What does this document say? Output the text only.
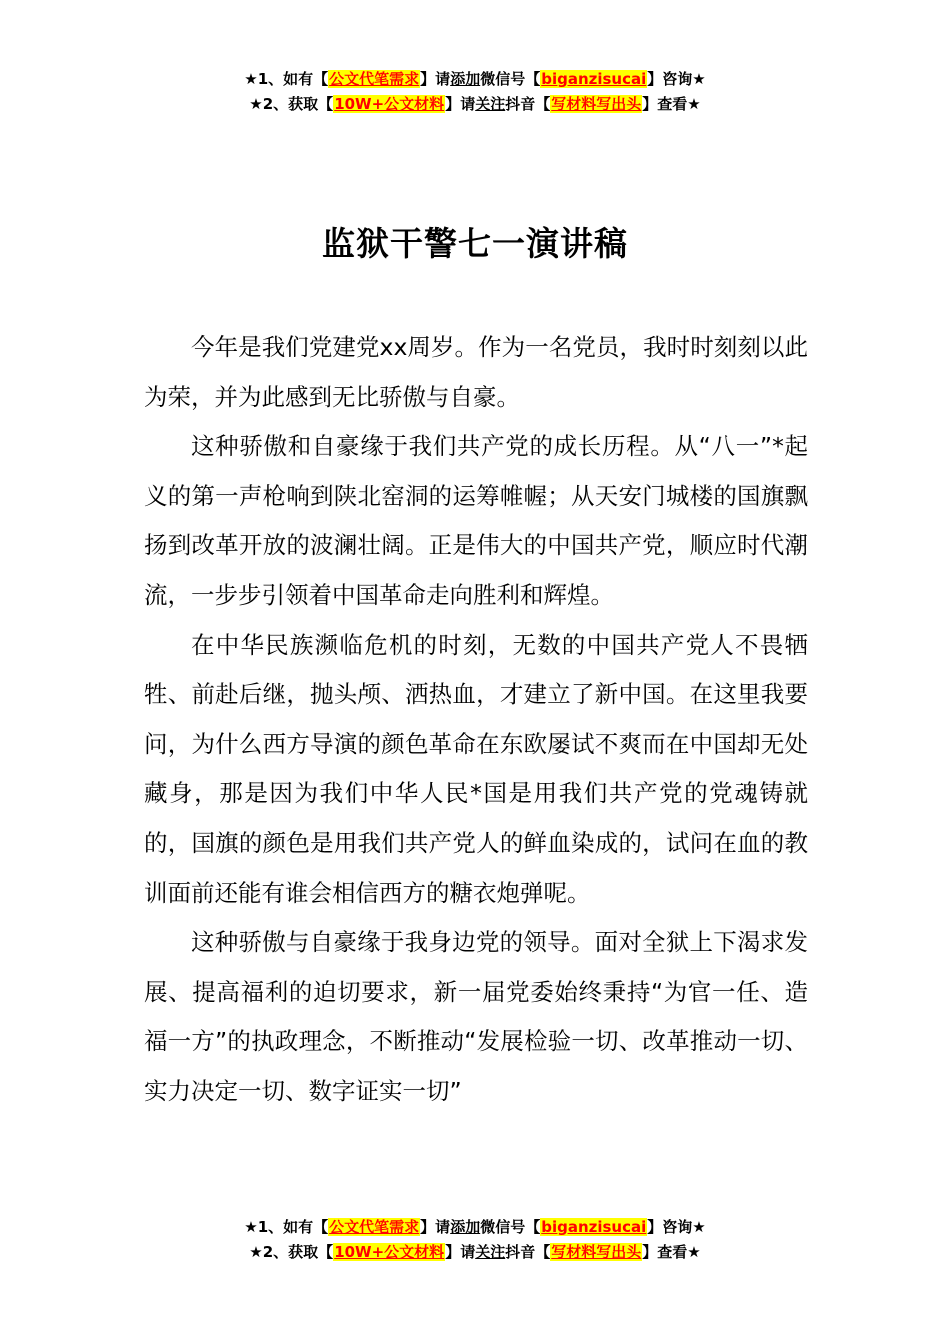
★1、如有【公文代笔需求】请添加微信号【biganzisucai】咨询★
★2、获取【10W+公文材料】请关注抖音【写材料写出头】查看★
监狱干警七一演讲稿

今年是我们党建党xx周岁。作为一名党员，我时时刻刻以此为荣，并为此感到无比骄傲与自豪。

这种骄傲和自豪缘于我们共产党的成长历程。从“八一”*起义的第一声枪响到陕北窑洞的运筹帷幄；从天安门城楼的国旗飘扬到改革开放的波澜壮阔。正是伟大的中国共产党，顺应时代潮流，一步步引领着中国革命走向胜利和辉煌。

在中华民族濒临危机的时刻，无数的中国共产党人不畏牺牲、前赴后继，抛头颅、洒热血，才建立了新中国。在这里我要问，为什么西方导演的颜色革命在东欧屡试不爽而在中国却无处藏身，那是因为我们中华人民*国是用我们共产党的党魂铸就的，国旗的颜色是用我们共产党人的鲜血染成的，试问在血的教训面前还能有谁会相信西方的糖衣炮弹呢。

这种骄傲与自豪缘于我身边党的领导。面对全狱上下渴求发展、提高福利的迫切要求，新一届党委始终秉持“为官一任、造福一方”的执政理念，不断推动“发展检验一切、改革推动一切、实力决定一切、数字证实一切”

★1、如有【公文代笔需求】请添加微信号【biganzisucai】咨询★
★2、获取【10W+公文材料】请关注抖音【写材料写出头】查看★
